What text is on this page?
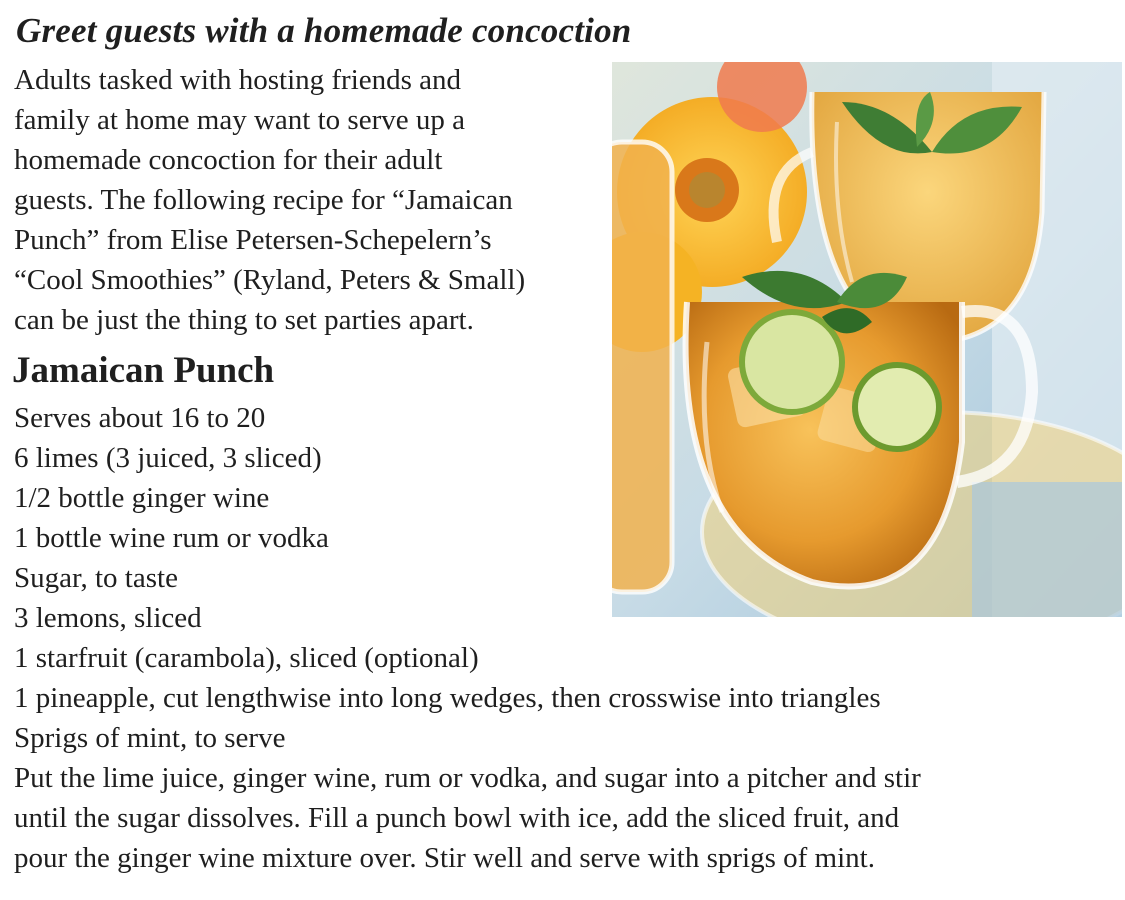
Greet guests with a homemade concoction

Adults tasked with hosting friends and
family at home may want to serve up a
homemade concoction for their adult
guests. The following recipe for “Jamaican
Punch” from Elise Petersen-Schepelern’s
“Cool Smoothies” (Ryland, Peters & Small)
can be just the thing to set parties apart.

Jamaican Punch
Serves about 16 to 20
6 limes (3 juiced, 3 sliced)
1/2 bottle ginger wine
1 bottle wine rum or vodka
Sugar, to taste
3 lemons, sliced
1 starfruit (carambola), sliced (optional)
1 pineapple, cut lengthwise into long wedges, then crosswise into triangles
Sprigs of mint, to serve

Put the lime juice, ginger wine, rum or vodka, and sugar into a pitcher and stir
until the sugar dissolves. Fill a punch bowl with ice, add the sliced fruit, and
pour the ginger wine mixture over. Stir well and serve with sprigs of mint.
